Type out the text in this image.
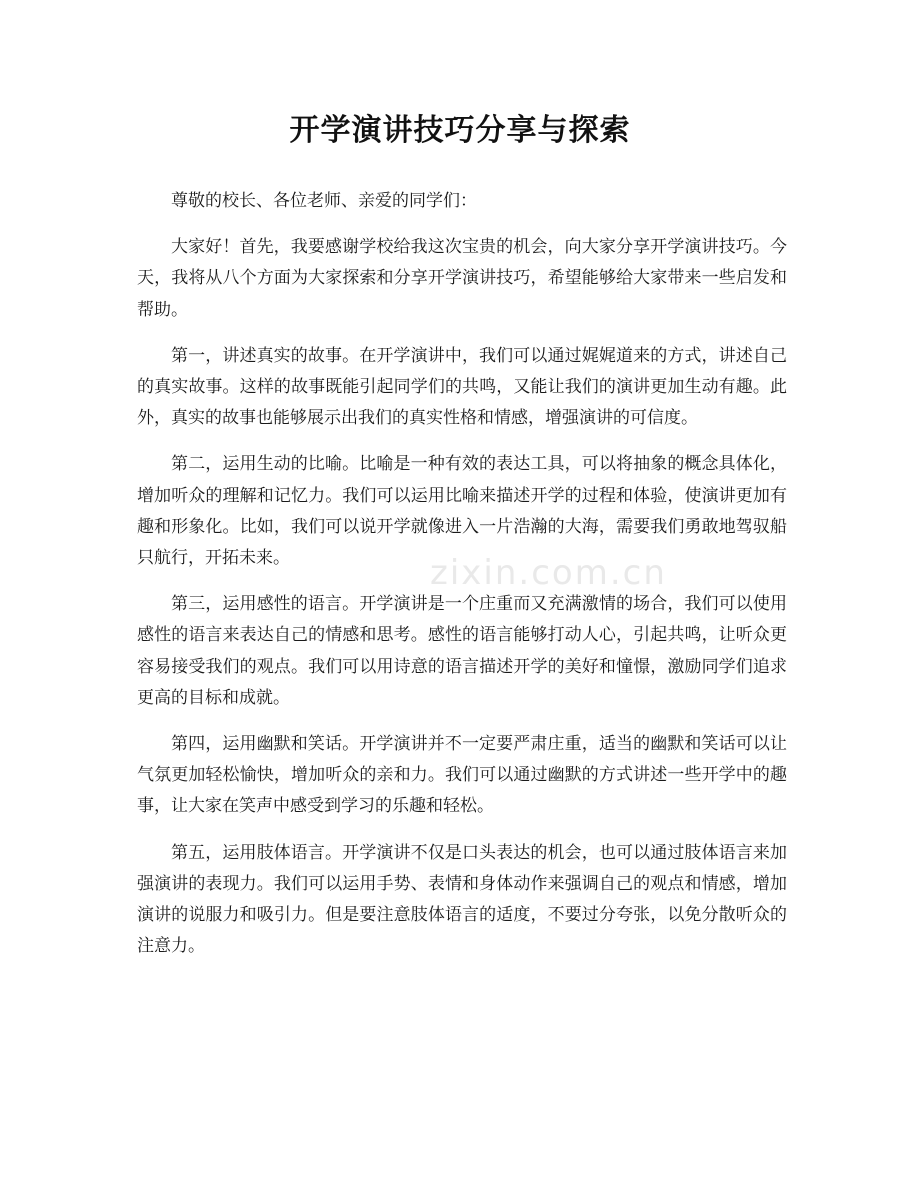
zixin.com.cn
开学演讲技巧分享与探索

尊敬的校长、各位老师、亲爱的同学们：

大家好！首先，我要感谢学校给我这次宝贵的机会，向大家分享开学演讲技巧。今天，我将从八个方面为大家探索和分享开学演讲技巧，希望能够给大家带来一些启发和帮助。

第一，讲述真实的故事。在开学演讲中，我们可以通过娓娓道来的方式，讲述自己的真实故事。这样的故事既能引起同学们的共鸣，又能让我们的演讲更加生动有趣。此外，真实的故事也能够展示出我们的真实性格和情感，增强演讲的可信度。

第二，运用生动的比喻。比喻是一种有效的表达工具，可以将抽象的概念具体化，增加听众的理解和记忆力。我们可以运用比喻来描述开学的过程和体验，使演讲更加有趣和形象化。比如，我们可以说开学就像进入一片浩瀚的大海，需要我们勇敢地驾驭船只航行，开拓未来。

第三，运用感性的语言。开学演讲是一个庄重而又充满激情的场合，我们可以使用感性的语言来表达自己的情感和思考。感性的语言能够打动人心，引起共鸣，让听众更容易接受我们的观点。我们可以用诗意的语言描述开学的美好和憧憬，激励同学们追求更高的目标和成就。

第四，运用幽默和笑话。开学演讲并不一定要严肃庄重，适当的幽默和笑话可以让气氛更加轻松愉快，增加听众的亲和力。我们可以通过幽默的方式讲述一些开学中的趣事，让大家在笑声中感受到学习的乐趣和轻松。

第五，运用肢体语言。开学演讲不仅是口头表达的机会，也可以通过肢体语言来加强演讲的表现力。我们可以运用手势、表情和身体动作来强调自己的观点和情感，增加演讲的说服力和吸引力。但是要注意肢体语言的适度，不要过分夸张，以免分散听众的注意力。
